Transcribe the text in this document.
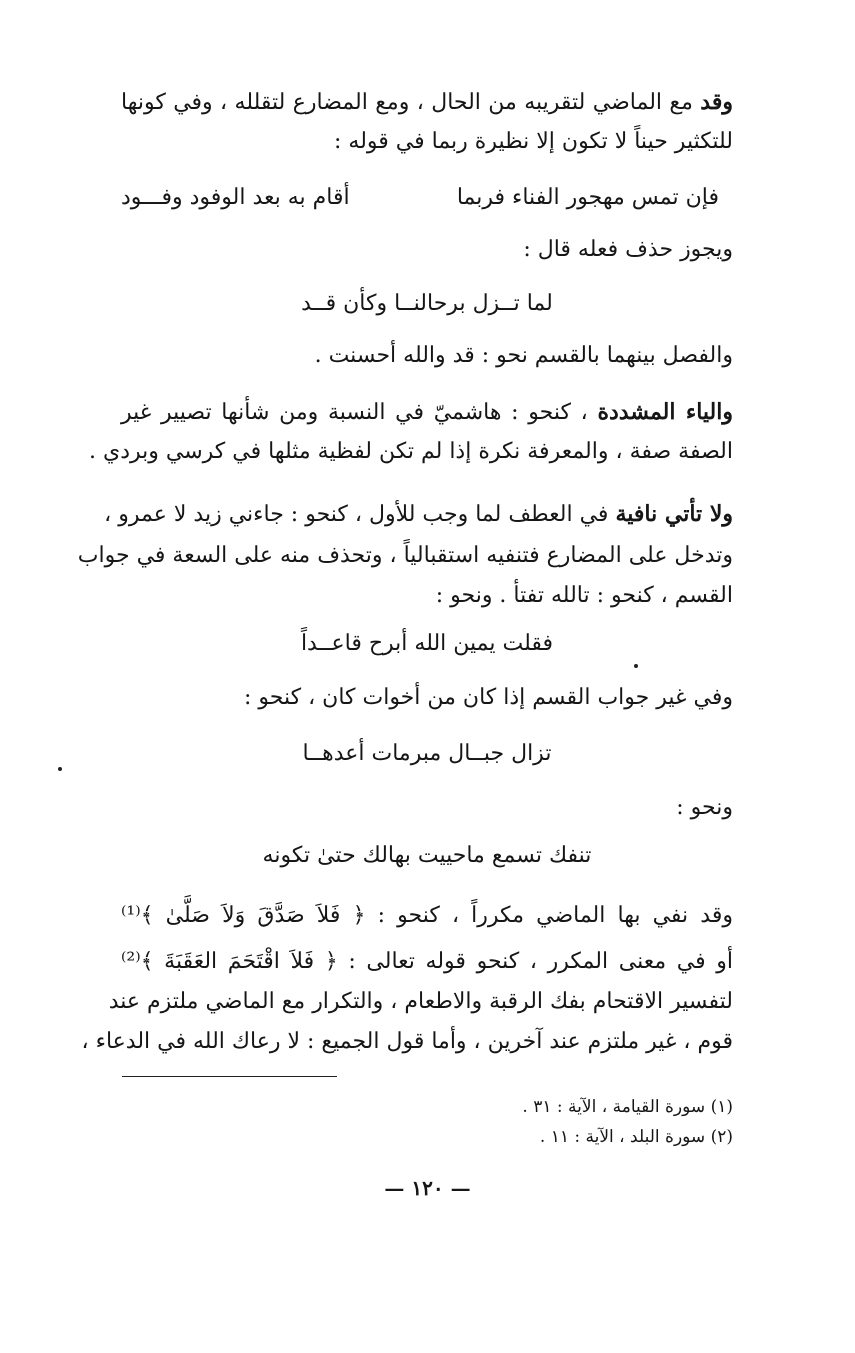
وقد مع الماضي لتقريبه من الحال ، ومع المضارع لتقلله ، وفي كونها
للتكثير حيناً لا تكون إلا نظيرة ربما في قوله :
فإن تمس مهجور الفناء فربما
أقام به بعد الوفود وفـــود
ويجوز حذف فعله قال :
لما تــزل برحالنــا وكأن قــد
والفصل بينهما بالقسم نحو : قد والله أحسنت .
والياء المشددة ، كنحو : هاشميّ في النسبة ومن شأنها تصيير غير
الصفة صفة ، والمعرفة نكرة إذا لم تكن لفظية مثلها في كرسي وبردي .
ولا تأتي نافية في العطف لما وجب للأول ، كنحو : جاءني زيد لا عمرو ،
وتدخل على المضارع فتنفيه استقبالياً ، وتحذف منه على السعة في جواب
القسم ، كنحو : تالله تفتأ . ونحو :
فقلت يمين الله أبرح قاعــداً
وفي غير جواب القسم إذا كان من أخوات كان ، كنحو :
تزال جبــال مبرمات أعدهــا
ونحو :
تنفك تسمع ماحييت بهالك حتىٰ تكونه
وقد نفي بها الماضي مكرراً ، كنحو : ﴿ فَلاَ صَدَّقَ وَلاَ صَلَّىٰ ﴾⁽¹⁾
أو في معنى المكرر ، كنحو قوله تعالى : ﴿ فَلاَ اقْتَحَمَ العَقَبَةَ ﴾⁽²⁾
لتفسير الاقتحام بفك الرقبة والاطعام ، والتكرار مع الماضي ملتزم عند
قوم ، غير ملتزم عند آخرين ، وأما قول الجميع : لا رعاك الله في الدعاء ،
(١) سورة القيامة ، الآية : ٣١ .
(٢) سورة البلد ، الآية : ١١ .
— ١٢٠ —
